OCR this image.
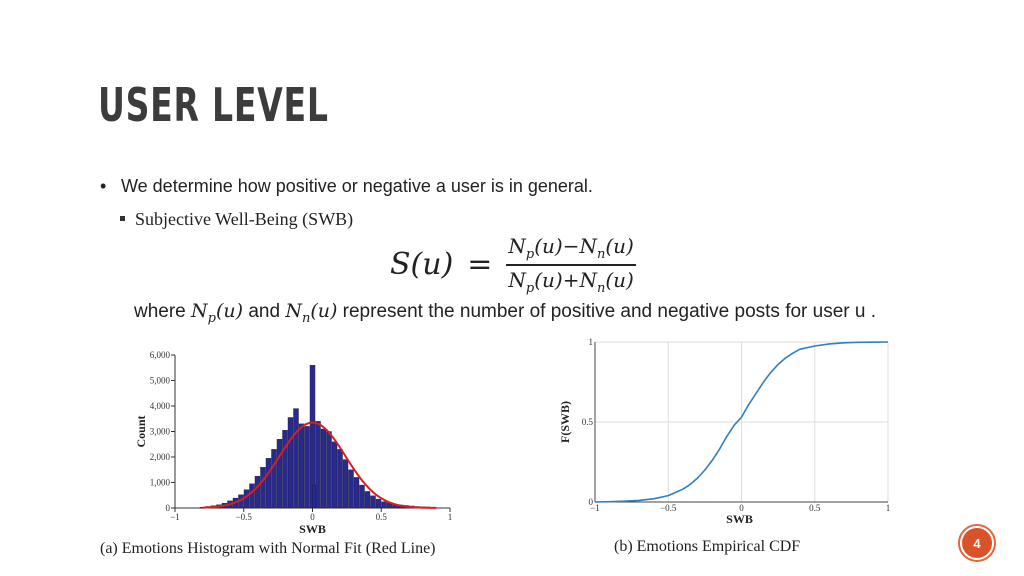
USER LEVEL
• We determine how positive or negative a user is in general.
Subjective Well-Being (SWB)
$S(u) = \frac{N_p(u)-N_n(u)}{N_p(u)+N_n(u)}$
where $N_p(u)$ and $N_n(u)$ represent the number of positive and negative posts for user u .
0
1,000
2,000
3,000
4,000
5,000
6,000
−1	−0.5	0	0.5	1
SWB
Count
−1	−0.5	0	0.5	1
0
0.5
1
SWB
F(SWB)
(a) Emotions Histogram with Normal Fit (Red Line)	(b) Emotions Empirical CDF	4
